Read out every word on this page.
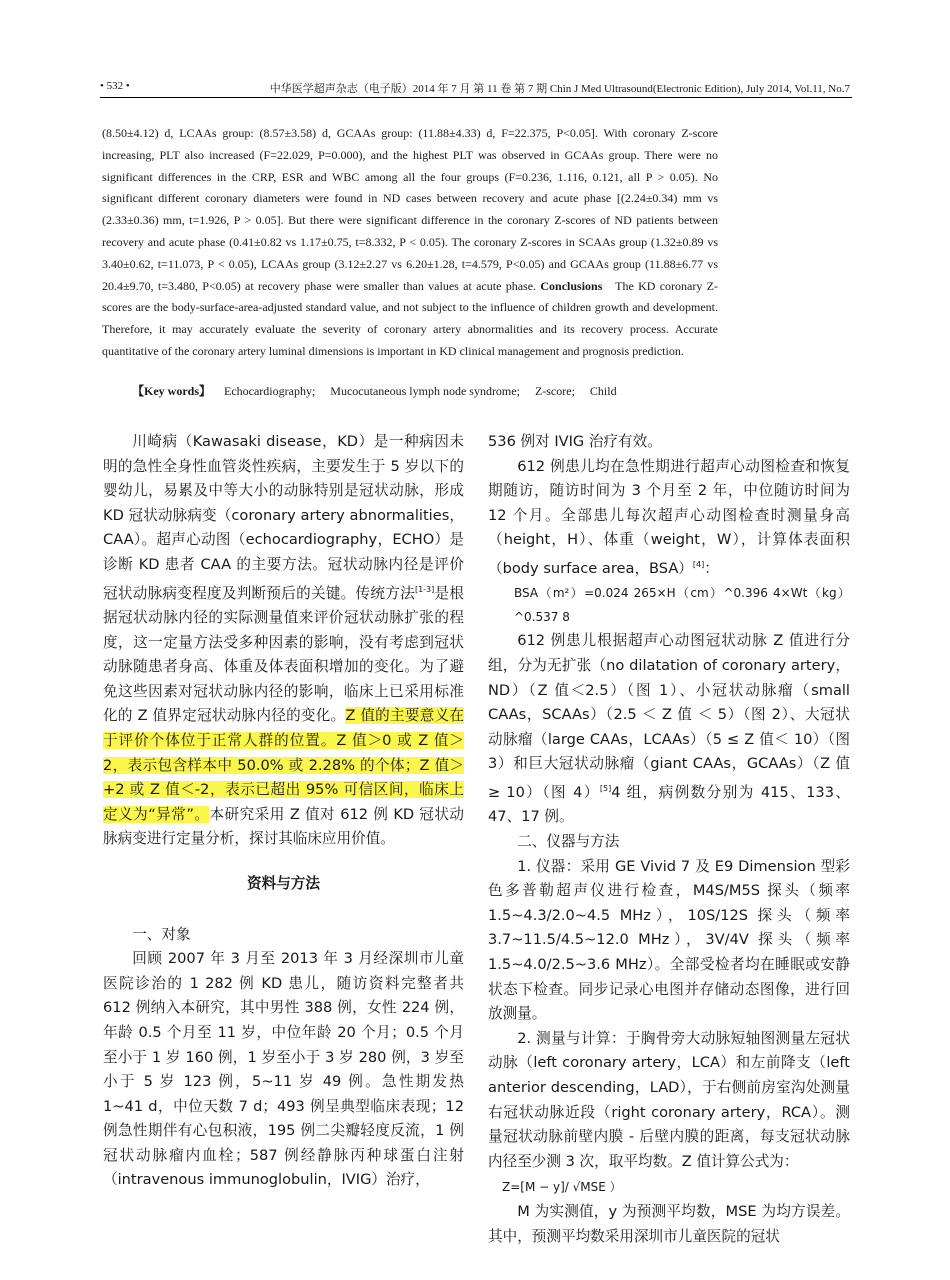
• 532 •	中华医学超声杂志（电子版）2014 年 7 月 第 11 卷 第 7 期 Chin J Med Ultrasound(Electronic Edition), July 2014, Vol.11, No.7

(8.50±4.12) d, LCAAs group: (8.57±3.58) d, GCAAs group: (11.88±4.33) d, F=22.375, P<0.05]. With coronary Z-score increasing, PLT also increased (F=22.029, P=0.000), and the highest PLT was observed in GCAAs group. There were no significant differences in the CRP, ESR and WBC among all the four groups (F=0.236, 1.116, 0.121, all P > 0.05). No significant different coronary diameters were found in ND cases between recovery and acute phase [(2.24±0.34) mm vs (2.33±0.36) mm, t=1.926, P > 0.05]. But there were significant difference in the coronary Z-scores of ND patients between recovery and acute phase (0.41±0.82 vs 1.17±0.75, t=8.332, P < 0.05). The coronary Z-scores in SCAAs group (1.32±0.89 vs 3.40±0.62, t=11.073, P < 0.05), LCAAs group (3.12±2.27 vs 6.20±1.28, t=4.579, P<0.05) and GCAAs group (11.88±6.77 vs 20.4±9.70, t=3.480, P<0.05) at recovery phase were smaller than values at acute phase. Conclusions The KD coronary Z-scores are the body-surface-area-adjusted standard value, and not subject to the influence of children growth and development. Therefore, it may accurately evaluate the severity of coronary artery abnormalities and its recovery process. Accurate quantitative of the coronary artery luminal dimensions is important in KD clinical management and prognosis prediction.

【Key words】 Echocardiography; Mucocutaneous lymph node syndrome; Z-score; Child

川崎病（Kawasaki disease，KD）是一种病因未明的急性全身性血管炎性疾病，主要发生于 5 岁以下的婴幼儿，易累及中等大小的动脉特别是冠状动脉，形成 KD 冠状动脉病变（coronary artery abnormalities，CAA）。超声心动图（echocardiography，ECHO）是诊断 KD 患者 CAA 的主要方法。冠状动脉内径是评价冠状动脉病变程度及判断预后的关键。传统方法[1-3]是根据冠状动脉内径的实际测量值来评价冠状动脉扩张的程度，这一定量方法受多种因素的影响，没有考虑到冠状动脉随患者身高、体重及体表面积增加的变化。为了避免这些因素对冠状动脉内径的影响，临床上已采用标准化的 Z 值界定冠状动脉内径的变化。Z 值的主要意义在于评价个体位于正常人群的位置。Z 值＞0 或 Z 值＞2，表示包含样本中 50.0% 或 2.28% 的个体；Z 值＞+2 或 Z 值＜-2，表示已超出 95% 可信区间，临床上定义为“异常”。本研究采用 Z 值对 612 例 KD 冠状动脉病变进行定量分析，探讨其临床应用价值。

资料与方法

一、对象

回顾 2007 年 3 月至 2013 年 3 月经深圳市儿童医院诊治的 1 282 例 KD 患儿，随访资料完整者共 612 例纳入本研究，其中男性 388 例，女性 224 例，年龄 0.5 个月至 11 岁，中位年龄 20 个月；0.5 个月至小于 1 岁 160 例，1 岁至小于 3 岁 280 例，3 岁至小于 5 岁 123 例，5~11 岁 49 例。急性期发热 1~41 d，中位天数 7 d；493 例呈典型临床表现；12 例急性期伴有心包积液，195 例二尖瓣轻度反流，1 例冠状动脉瘤内血栓；587 例经静脉丙种球蛋白注射（intravenous immunoglobulin，IVIG）治疗，

536 例对 IVIG 治疗有效。

612 例患儿均在急性期进行超声心动图检查和恢复期随访，随访时间为 3 个月至 2 年，中位随访时间为 12 个月。全部患儿每次超声心动图检查时测量身高（height，H）、体重（weight，W），计算体表面积（body surface area，BSA）[4]：

BSA（m²）=0.024 265×H（cm）^0.396 4×Wt（kg）^0.537 8

612 例患儿根据超声心动图冠状动脉 Z 值进行分组，分为无扩张（no dilatation of coronary artery，ND）（Z 值＜2.5）（图 1）、小冠状动脉瘤（small CAAs，SCAAs）（2.5 ＜ Z 值 ＜ 5）（图 2）、大冠状动脉瘤（large CAAs，LCAAs）（5 ≤ Z 值＜ 10）（图 3）和巨大冠状动脉瘤（giant CAAs，GCAAs）（Z 值≥ 10）（图 4）[5]4 组，病例数分别为 415、133、47、17 例。

二、仪器与方法

1. 仪器：采用 GE Vivid 7 及 E9 Dimension 型彩色多普勒超声仪进行检查，M4S/M5S 探头（频率 1.5~4.3/2.0~4.5 MHz），10S/12S 探头（频率 3.7~11.5/4.5~12.0 MHz），3V/4V 探头（频率 1.5~4.0/2.5~3.6 MHz）。全部受检者均在睡眠或安静状态下检查。同步记录心电图并存储动态图像，进行回放测量。

2. 测量与计算：于胸骨旁大动脉短轴图测量左冠状动脉（left coronary artery，LCA）和左前降支（left anterior descending，LAD），于右侧前房室沟处测量右冠状动脉近段（right coronary artery，RCA）。测量冠状动脉前壁内膜 - 后壁内膜的距离，每支冠状动脉内径至少测 3 次，取平均数。Z 值计算公式为：

Z=[M − y]/ √MSE ）

M 为实测值，y 为预测平均数，MSE 为均方误差。其中，预测平均数采用深圳市儿童医院的冠状
